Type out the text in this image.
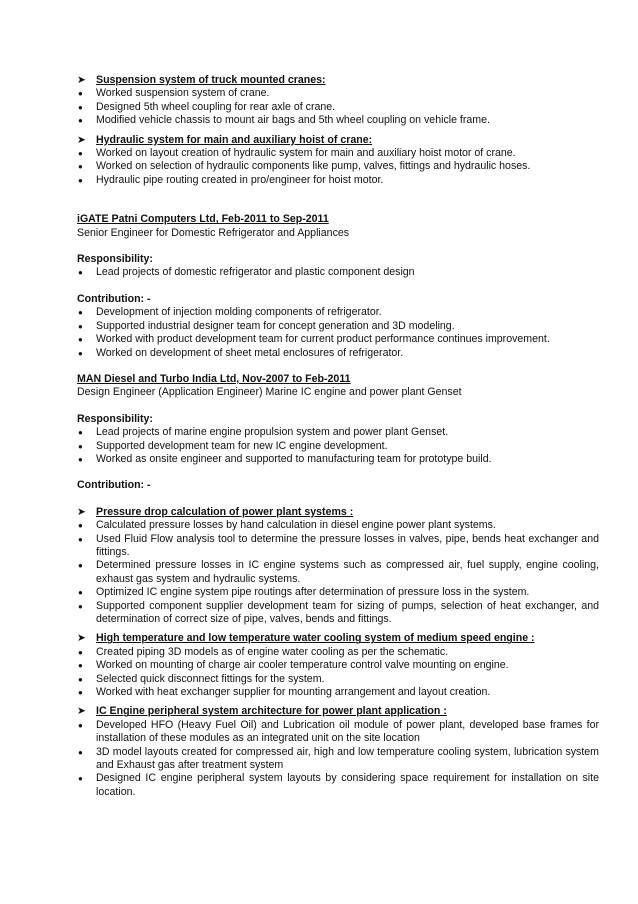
➤ Suspension system of truck mounted cranes:
●	Worked suspension system of crane.
●	Designed 5th wheel coupling for rear axle of crane.
●	Modified vehicle chassis to mount air bags and 5th wheel coupling on vehicle frame.
➤ Hydraulic system for main and auxiliary hoist of crane:
●	Worked on layout creation of hydraulic system for main and auxiliary hoist motor of crane.
●	Worked on selection of hydraulic components like pump, valves, fittings and hydraulic hoses.
●	Hydraulic pipe routing created in pro/engineer for hoist motor.
iGATE Patni Computers Ltd, Feb-2011 to Sep-2011
Senior Engineer for Domestic Refrigerator and Appliances
Responsibility:
●	Lead projects of domestic refrigerator and plastic component design
Contribution: -
●	Development of injection molding components of refrigerator.
●	Supported industrial designer team for concept generation and 3D modeling.
●	Worked with product development team for current product performance continues improvement.
●	Worked on development of sheet metal enclosures of refrigerator.
MAN Diesel and Turbo India Ltd, Nov-2007 to Feb-2011
Design Engineer (Application Engineer) Marine IC engine and power plant Genset
Responsibility:
●	Lead projects of marine engine propulsion system and power plant Genset.
●	Supported development team for new IC engine development.
●	Worked as onsite engineer and supported to manufacturing team for prototype build.
Contribution: -
➤ Pressure drop calculation of power plant systems :
●	Calculated pressure losses by hand calculation in diesel engine power plant systems.
●	Used Fluid Flow analysis tool to determine the pressure losses in valves, pipe, bends heat exchanger and fittings.
●	Determined pressure losses in IC engine systems such as compressed air, fuel supply, engine cooling, exhaust gas system and hydraulic systems.
●	Optimized IC engine system pipe routings after determination of pressure loss in the system.
●	Supported component supplier development team for sizing of pumps, selection of heat exchanger, and determination of correct size of pipe, valves, bends and fittings.
➤ High temperature and low temperature water cooling system of medium speed engine :
●	Created piping 3D models as of engine water cooling as per the schematic.
●	Worked on mounting of charge air cooler temperature control valve mounting on engine.
●	Selected quick disconnect fittings for the system.
●	Worked with heat exchanger supplier for mounting arrangement and layout creation.
➤ IC Engine peripheral system architecture for power plant application :
●	Developed HFO (Heavy Fuel Oil) and Lubrication oil module of power plant, developed base frames for installation of these modules as an integrated unit on the site location
●	3D model layouts created for compressed air, high and low temperature cooling system, lubrication system and Exhaust gas after treatment system
●	Designed IC engine peripheral system layouts by considering space requirement for installation on site location.
